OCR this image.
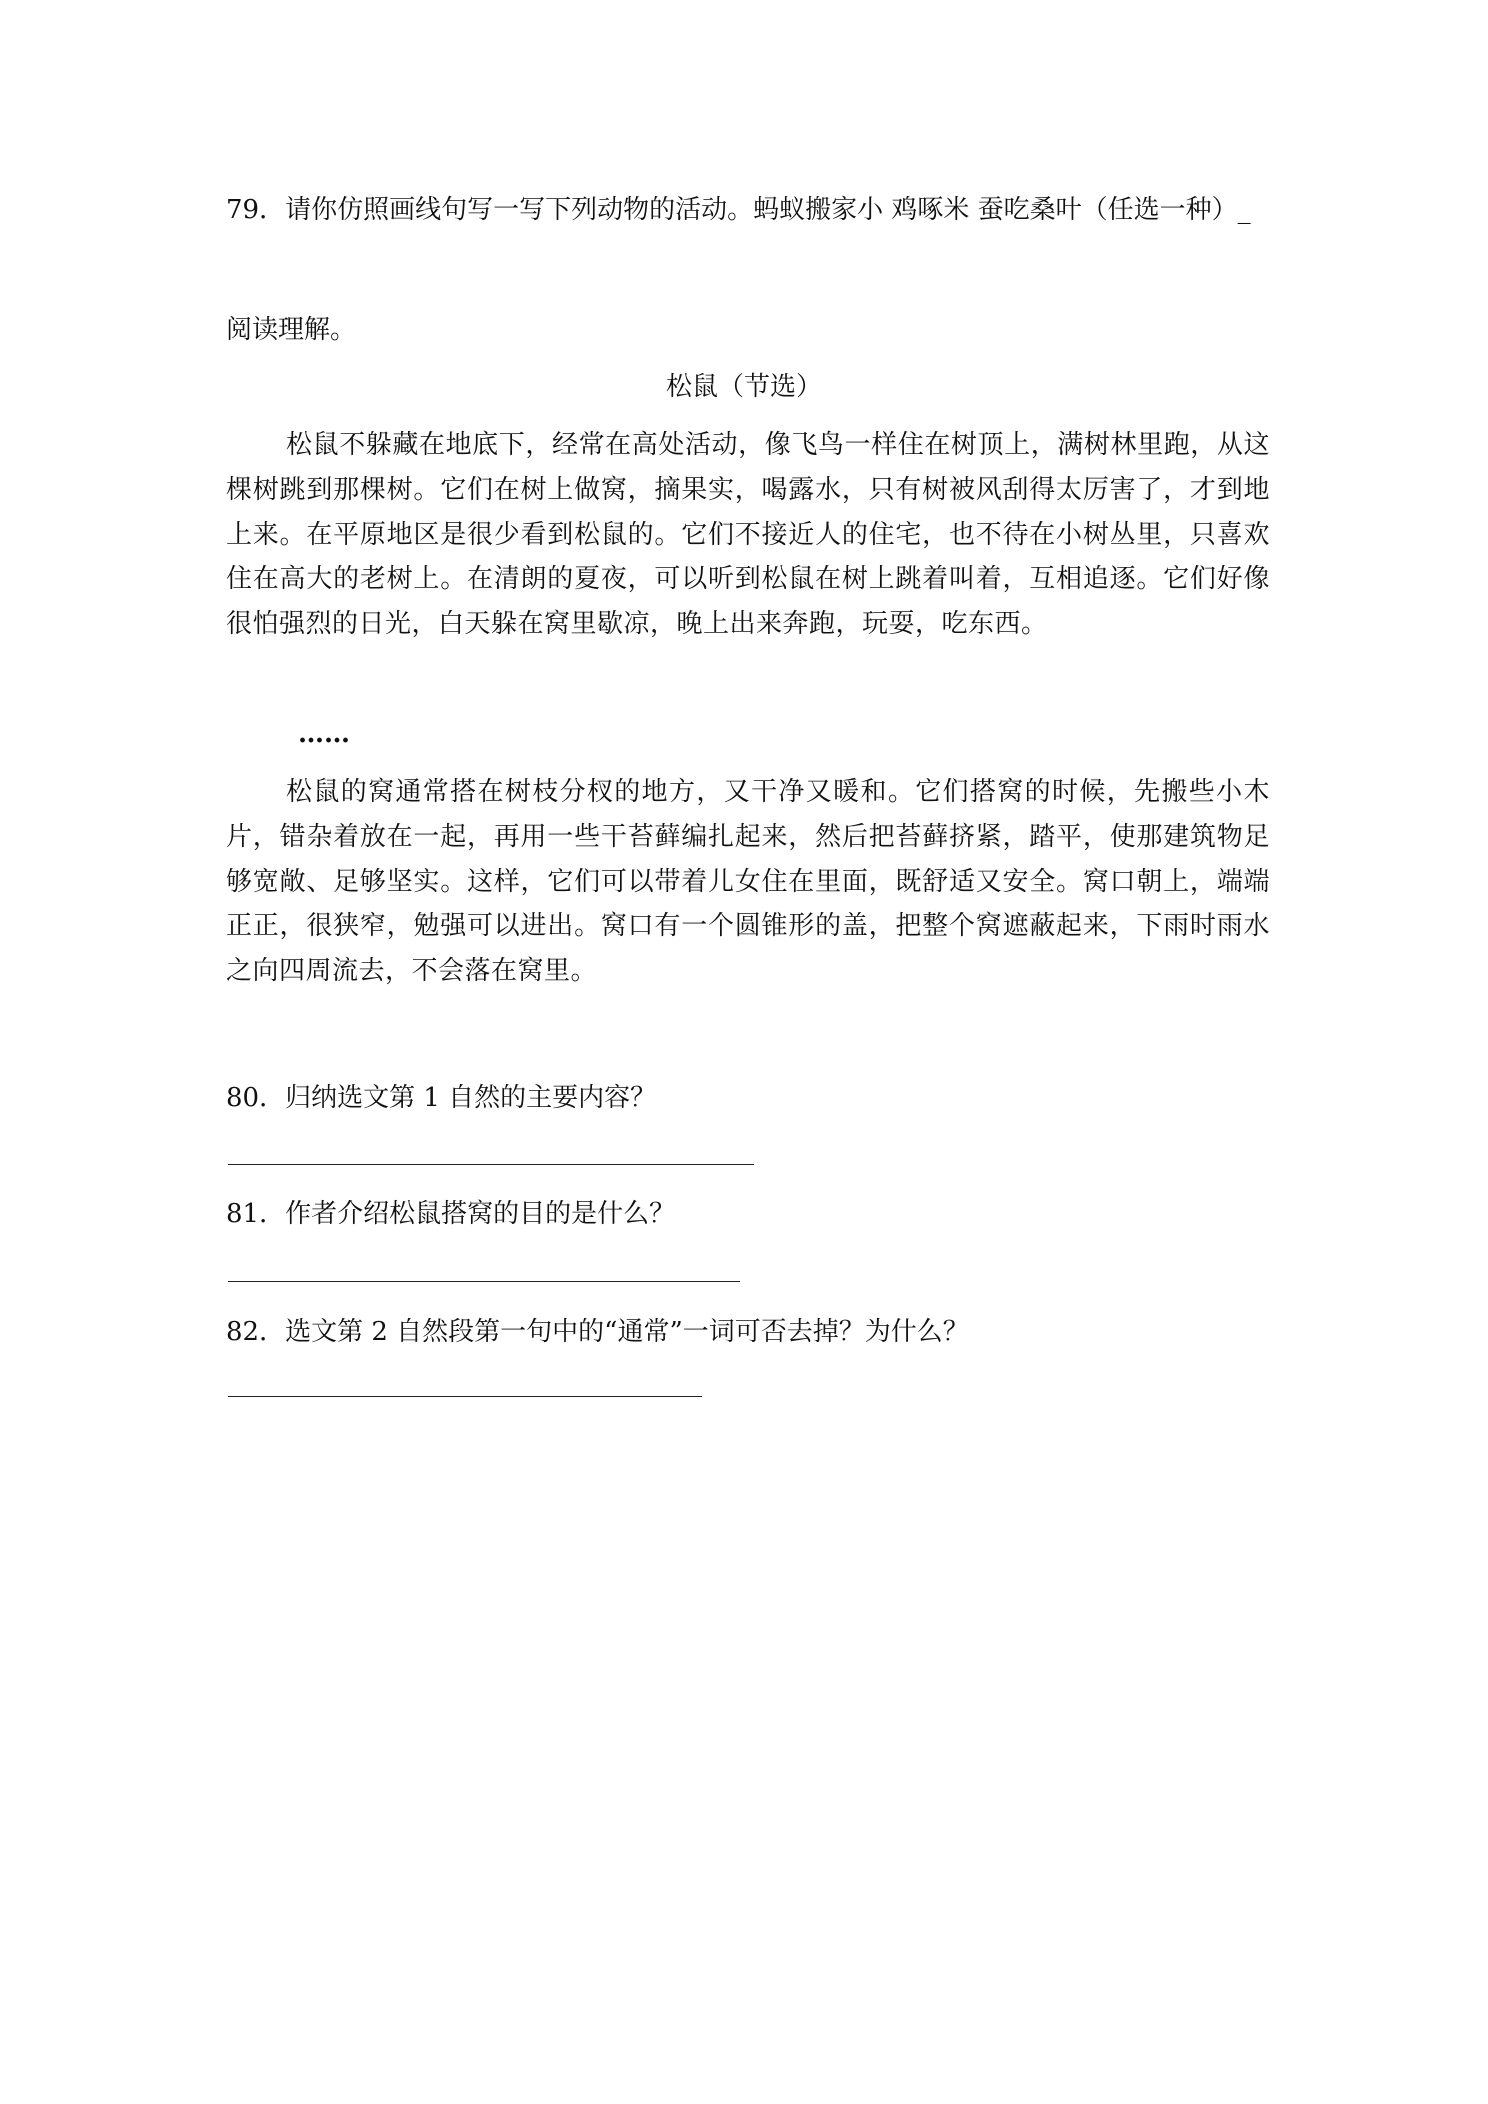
79．请你仿照画线句写一写下列动物的活动。蚂蚁搬家小 鸡啄米 蚕吃桑叶（任选一种）_
阅读理解。
松鼠（节选）
松鼠不躲藏在地底下，经常在高处活动，像飞鸟一样住在树顶上，满树林里跑，从这棵树跳到那棵树。它们在树上做窝，摘果实，喝露水，只有树被风刮得太厉害了，才到地上来。在平原地区是很少看到松鼠的。它们不接近人的住宅，也不待在小树丛里，只喜欢住在高大的老树上。在清朗的夏夜，可以听到松鼠在树上跳着叫着，互相追逐。它们好像很怕强烈的日光，白天躲在窝里歇凉，晚上出来奔跑，玩耍，吃东西。
……
松鼠的窝通常搭在树枝分杈的地方，又干净又暖和。它们搭窝的时候，先搬些小木片，错杂着放在一起，再用一些干苔藓编扎起来，然后把苔藓挤紧，踏平，使那建筑物足够宽敞、足够坚实。这样，它们可以带着儿女住在里面，既舒适又安全。窝口朝上，端端正正，很狭窄，勉强可以进出。窝口有一个圆锥形的盖，把整个窝遮蔽起来，下雨时雨水 之向四周流去，不会落在窝里。
80．归纳选文第 1 自然的主要内容？
81．作者介绍松鼠搭窝的目的是什么？
82．选文第 2 自然段第一句中的“通常”一词可否去掉？为什么？
